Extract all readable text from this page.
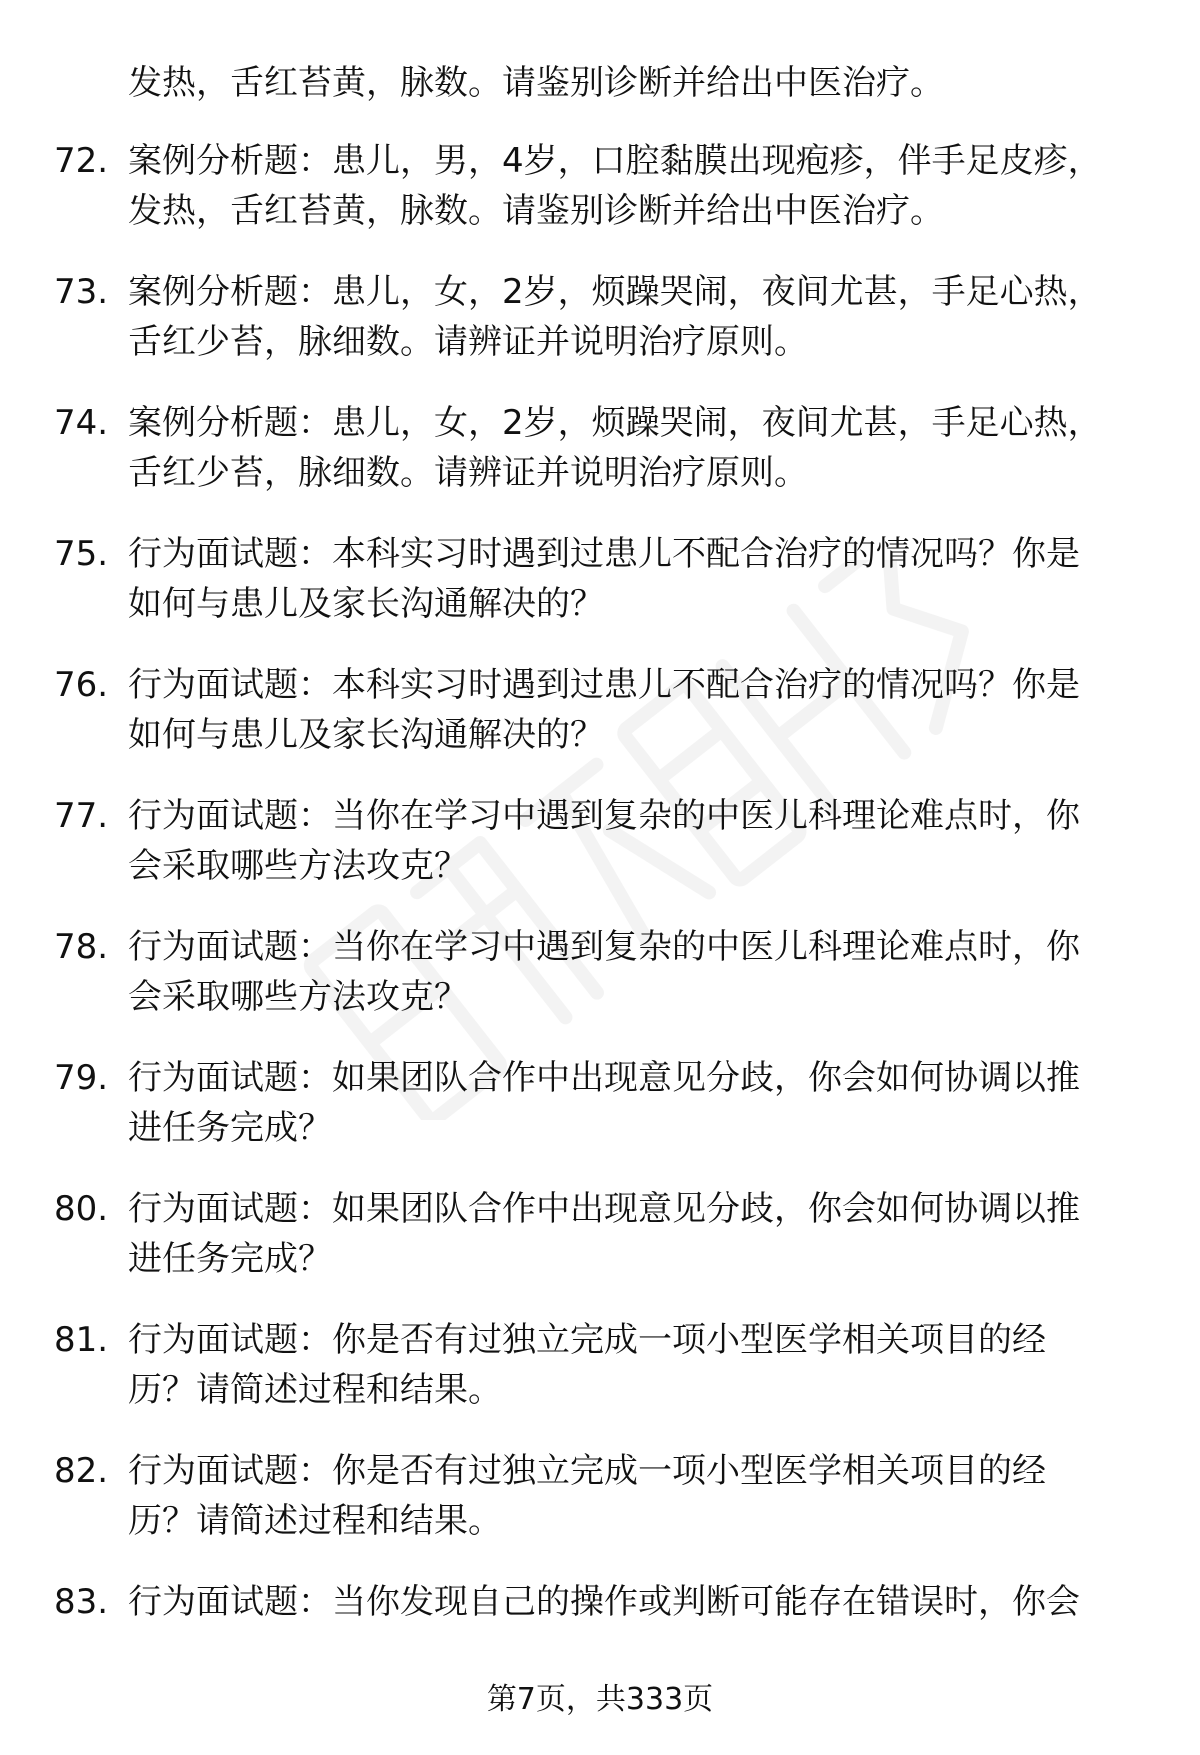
发热，舌红苔黄，脉数。请鉴别诊断并给出中医治疗。
72. 案例分析题：患儿，男，4岁，口腔黏膜出现疱疹，伴手足皮疹，
发热，舌红苔黄，脉数。请鉴别诊断并给出中医治疗。
73. 案例分析题：患儿，女，2岁，烦躁哭闹，夜间尤甚，手足心热，
舌红少苔，脉细数。请辨证并说明治疗原则。
74. 案例分析题：患儿，女，2岁，烦躁哭闹，夜间尤甚，手足心热，
舌红少苔，脉细数。请辨证并说明治疗原则。
75. 行为面试题：本科实习时遇到过患儿不配合治疗的情况吗？你是
如何与患儿及家长沟通解决的？
76. 行为面试题：本科实习时遇到过患儿不配合治疗的情况吗？你是
如何与患儿及家长沟通解决的？
77. 行为面试题：当你在学习中遇到复杂的中医儿科理论难点时，你
会采取哪些方法攻克？
78. 行为面试题：当你在学习中遇到复杂的中医儿科理论难点时，你
会采取哪些方法攻克？
79. 行为面试题：如果团队合作中出现意见分歧，你会如何协调以推
进任务完成？
80. 行为面试题：如果团队合作中出现意见分歧，你会如何协调以推
进任务完成？
81. 行为面试题：你是否有过独立完成一项小型医学相关项目的经
历？请简述过程和结果。
82. 行为面试题：你是否有过独立完成一项小型医学相关项目的经
历？请简述过程和结果。
83. 行为面试题：当你发现自己的操作或判断可能存在错误时，你会
第7页，共333页
